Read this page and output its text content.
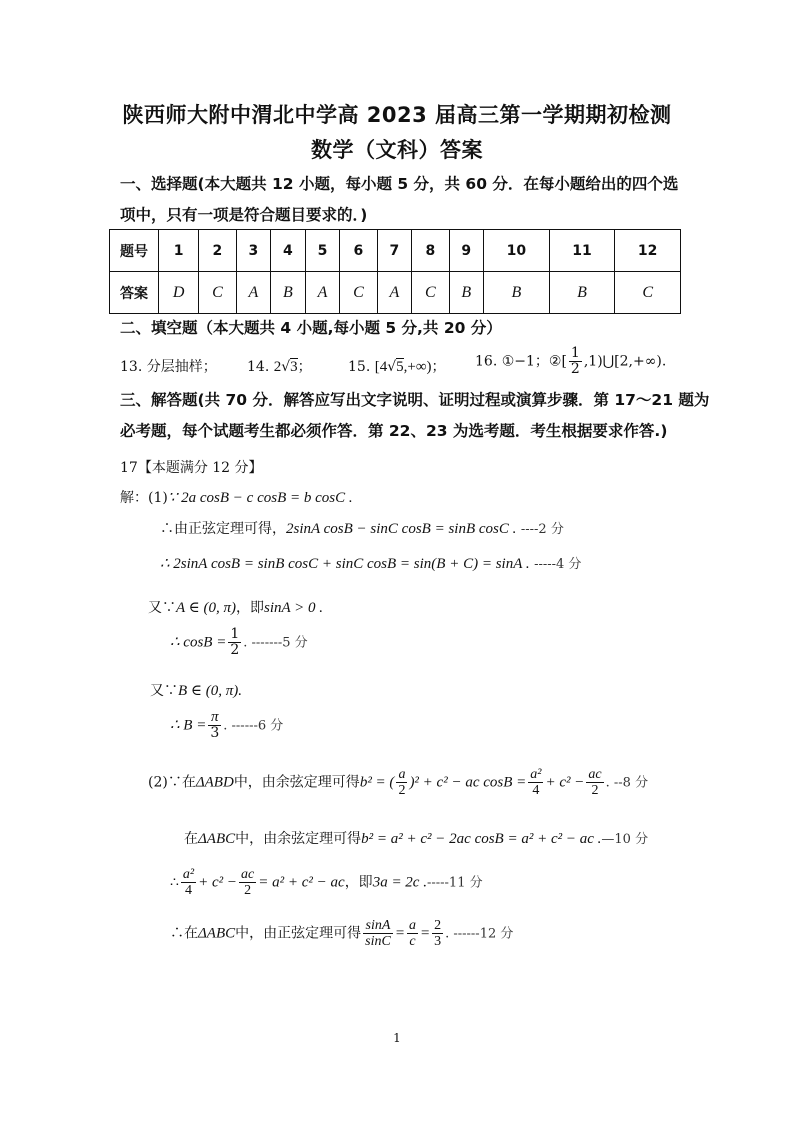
陕西师大附中渭北中学高 2023 届高三第一学期期初检测
数学（文科）答案
一、选择题(本大题共 12 小题，每小题 5 分，共 60 分．在每小题给出的四个选
项中，只有一项是符合题目要求的．)
题号	1	2	3	4	5	6	7	8	9	10	11	12
答案	D	C	A	B	A	C	A	C	B	B	B	C
二、填空题（本大题共 4 小题,每小题 5 分,共 20 分）
13. 分层抽样； 14. 2√3；	15. [4√5,+∞)； 16. ①−1；②[ $\frac{1}{2}$ ,1)⋃[2,+∞).
三、解答题(共 70 分．解答应写出文字说明、证明过程或演算步骤．第 17～21 题为
必考题，每个试题考生都必须作答．第 22、23 为选考题．考生根据要求作答.)
17【本题满分 12 分】
解：(1)∵ 2a cosB − c cosB = b cosC .
∴由正弦定理可得，2sinA cosB − sinC cosB = sinB cosC . ----2 分
∴ 2sinA cosB = sinB cosC + sinC cosB = sin(B + C) = sinA . -----4 分
又∵A ∈ (0, π)，即sinA > 0 .
∴ $\cos B = \frac{1}{2}$ . -------5 分
又∵B ∈ (0, π).
∴ $B = \frac{\pi}{3}$ . ------6 分
(2)∵在ΔABD中，由余弦定理可得b² = ( $\frac{a}{2} )^2 + c^2$ − ac $\cos B = \frac{\text{a²}}{4} + c^2 - \frac{ac}{2}$ . --8 分
在ΔABC中，由余弦定理可得b² = a² + c² − 2ac cosB = a² + c² − ac .—10 分
∴ $\frac{\text{a²}}{4} + c^2 - \frac{ac}{2} = a^2 + c^2$ − ac，即3a = 2c .-----11 分
∴在ΔABC中，由正弦定理可得 $\frac{\sin A}{\sin C} = \frac{a}{c} = \frac{2}{3}$ . ------12 分
1
